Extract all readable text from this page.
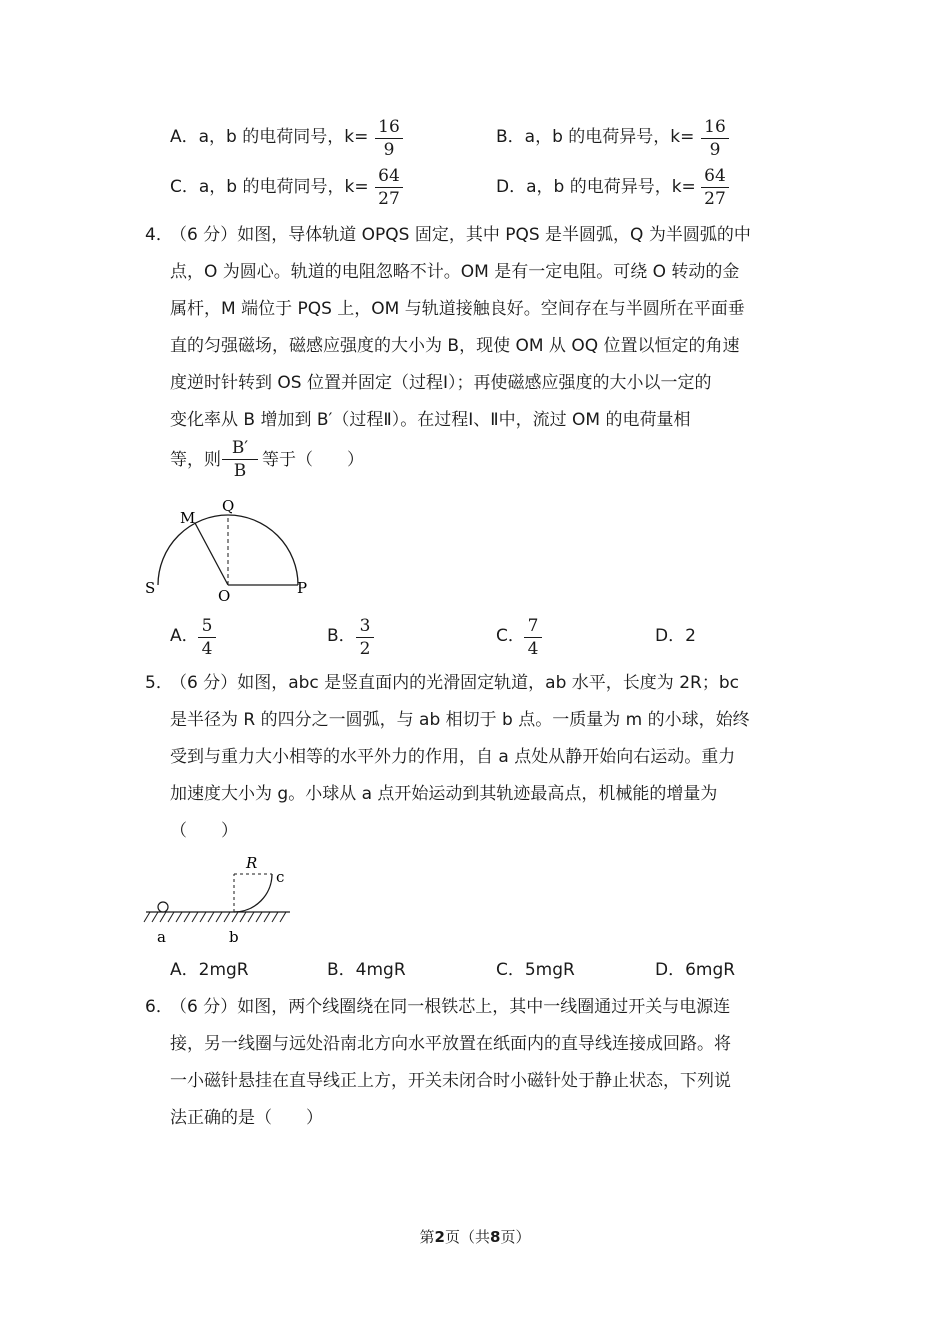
A．a，b 的电荷同号，k= 16
9
B．a，b 的电荷异号，k= 16
9
C．a，b 的电荷同号，k=
64
27
D．a，b 的电荷异号，k=
64
27
4．
（6 分）如图，导体轨道 OPQS 固定，其中 PQS 是半圆弧，Q 为半圆弧的中
点，O 为圆心。轨道的电阻忽略不计。OM 是有一定电阻。可绕 O 转动的金
属杆，M 端位于 PQS 上，OM 与轨道接触良好。空间存在与半圆所在平面垂
直的匀强磁场，磁感应强度的大小为 B，现使 OM 从 OQ 位置以恒定的角速
度逆时针转到 OS 位置并固定（过程Ⅰ）；再使磁感应强度的大小以一定的
变化率从 B 增加到 B′（过程Ⅱ）。在过程Ⅰ、Ⅱ中，流过 OM 的电荷量相
等，则
B′
B
等于（　　）
M
Q
S	O	P
A． 5
4
B． 3
2
C． 7
4
D．2
5．
（6 分）如图，abc 是竖直面内的光滑固定轨道，ab 水平，长度为 2R；bc
是半径为 R 的四分之一圆弧，与 ab 相切于 b 点。一质量为 m 的小球，始终
受到与重力大小相等的水平外力的作用，自 a 点处从静开始向右运动。重力
加速度大小为 g。小球从 a 点开始运动到其轨迹最高点，机械能的增量为
（　　）
R
c
a	b
A．2mgR	B．4mgR	C．5mgR	D．6mgR
6．
（6 分）如图，两个线圈绕在同一根铁芯上，其中一线圈通过开关与电源连
接，另一线圈与远处沿南北方向水平放置在纸面内的直导线连接成回路。将
一小磁针悬挂在直导线正上方，开关未闭合时小磁针处于静止状态，下列说
法正确的是（　　）
第2页（共8页）
